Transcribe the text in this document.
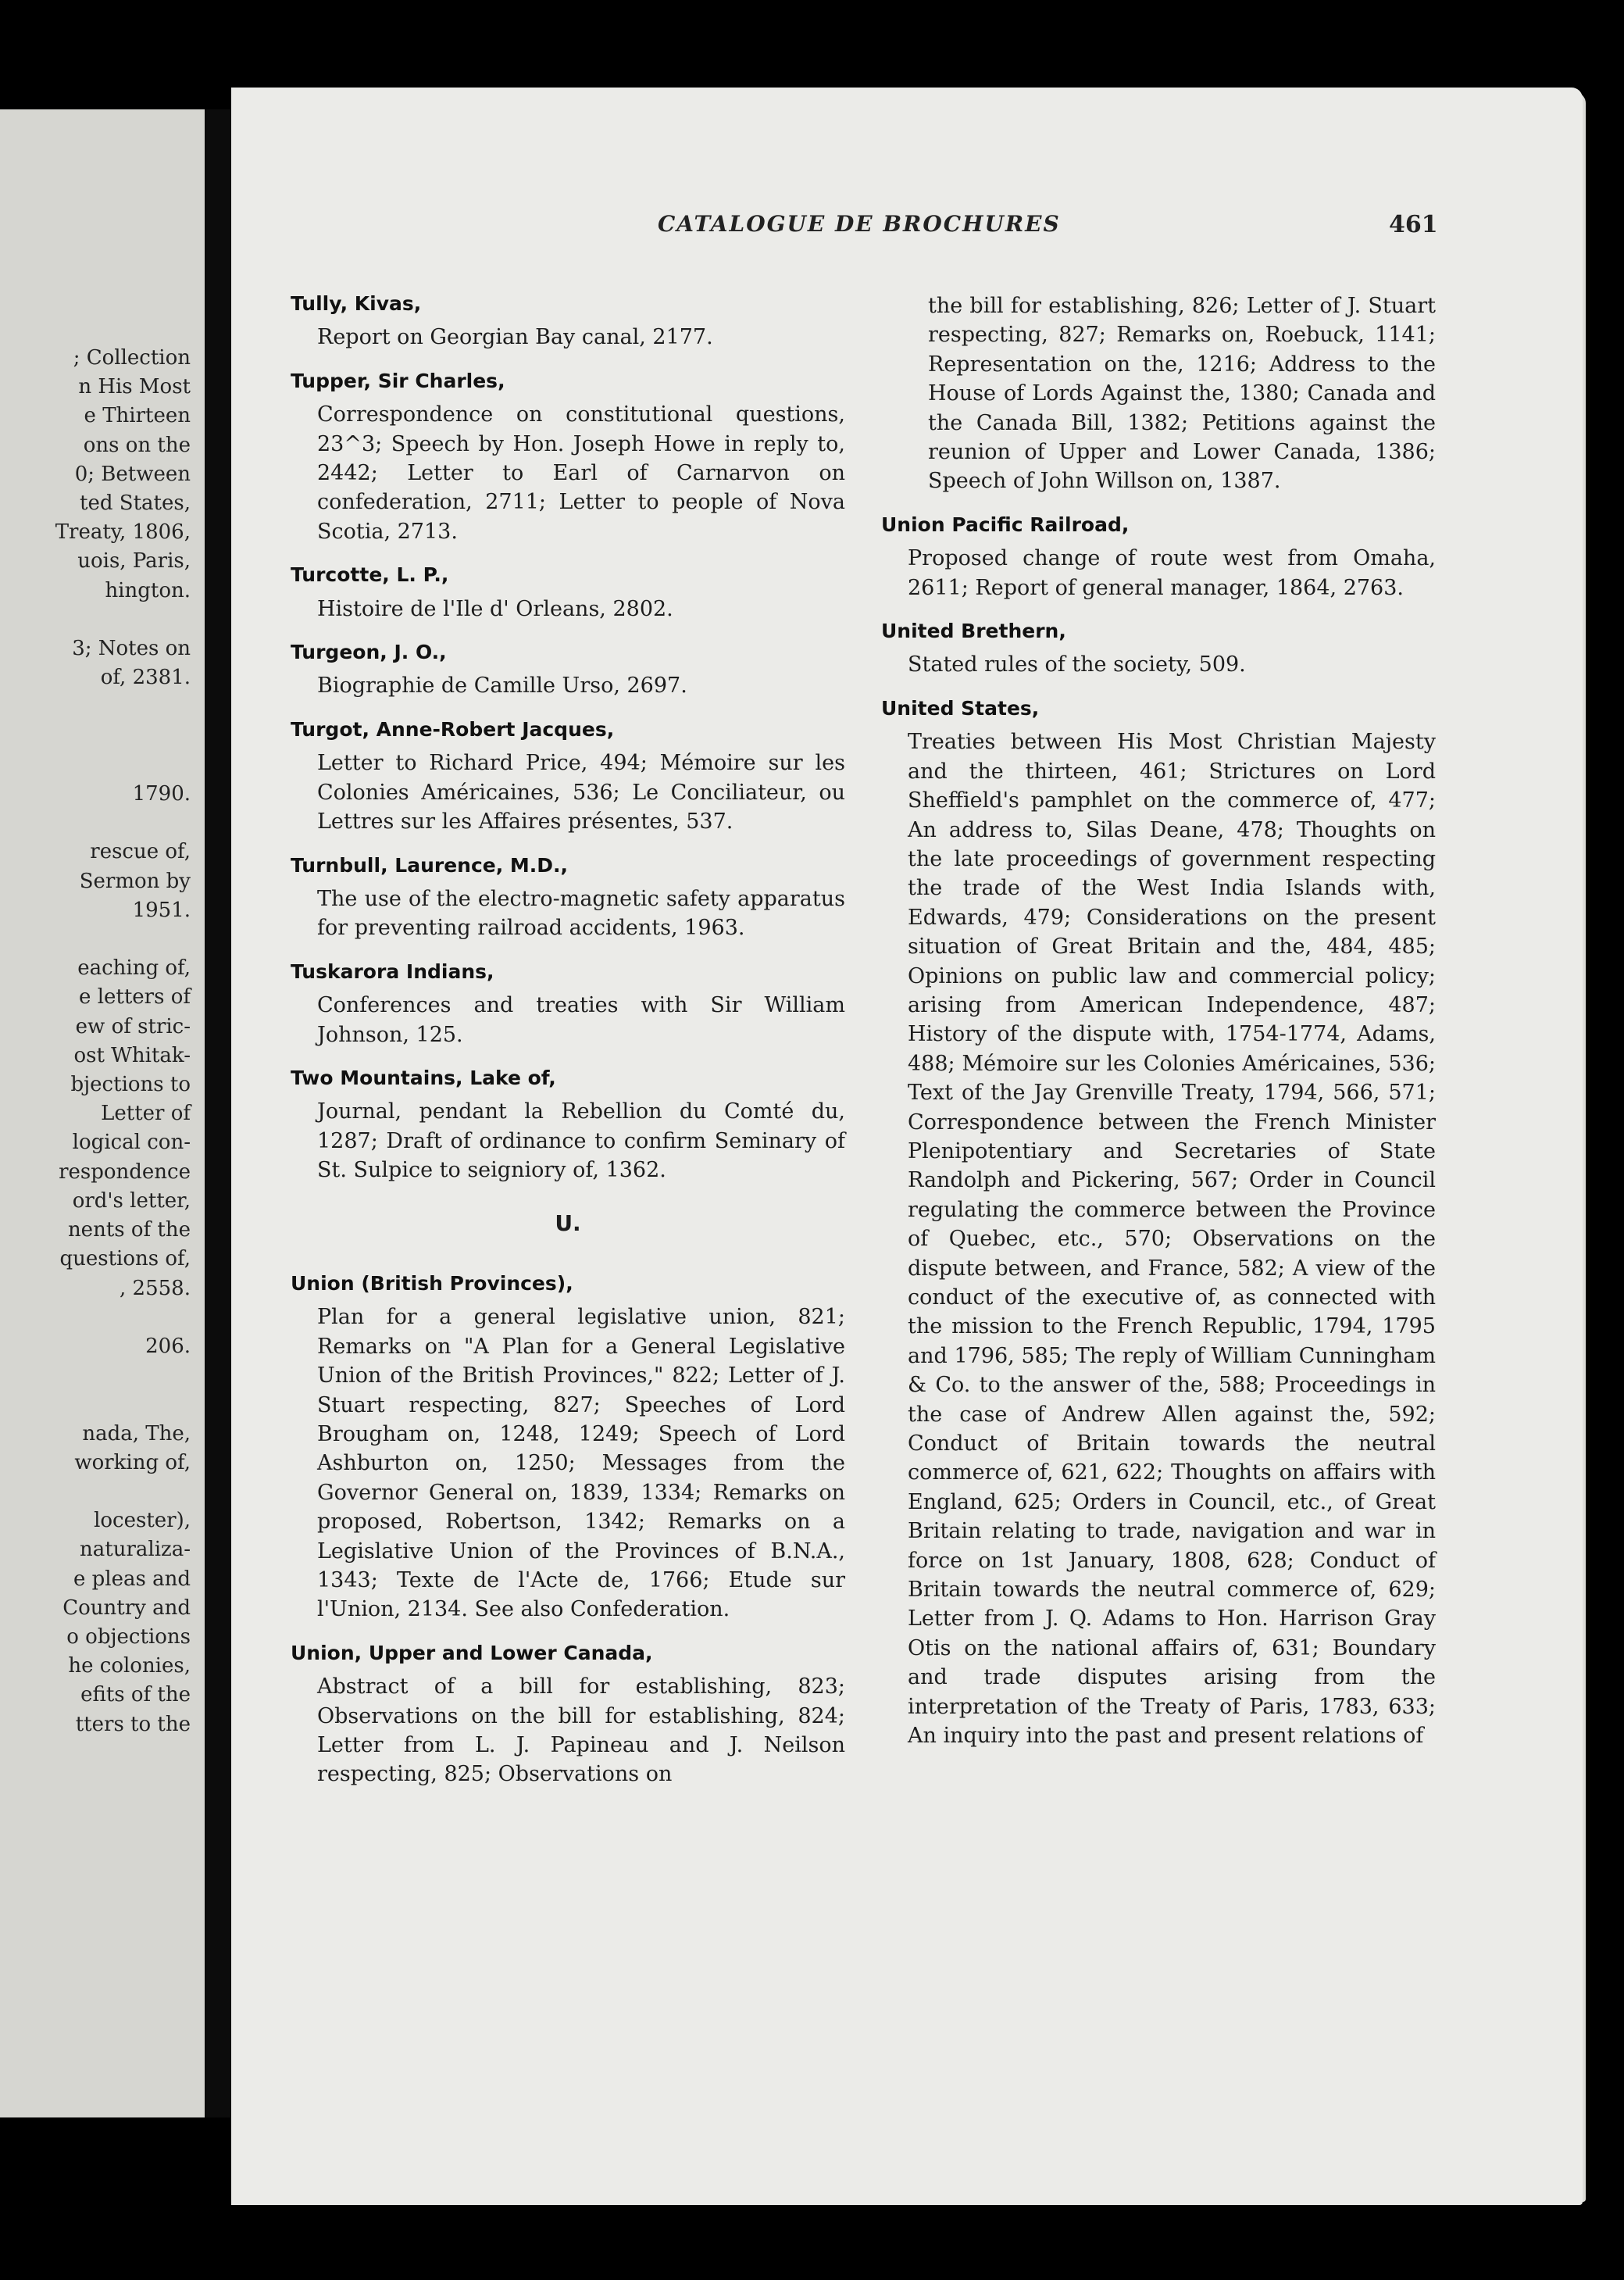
; Collection
n His Most
e Thirteen
ons on the
0; Between
ted States,
Treaty, 1806,
uois, Paris,
hington.

3; Notes on
of, 2381.

1790.

rescue of,
Sermon by
1951.

eaching of,
e letters of
ew of stric-
ost Whitak-
bjections to
Letter of
logical con-
respondence
ord's letter,
nents of the
questions of,
, 2558.

206.

nada, The,
working of,

locester),
naturaliza-
e pleas and
Country and
o objections
he colonies,
efits of the
tters to the
CATALOGUE DE BROCHURES	461
Tully, Kivas,
Report on Georgian Bay canal, 2177.
Tupper, Sir Charles,
Correspondence on constitutional questions, 23^3; Speech by Hon. Joseph Howe in reply to, 2442; Letter to Earl of Carnarvon on confederation, 2711; Letter to people of Nova Scotia, 2713.
Turcotte, L. P.,
Histoire de l'Ile d' Orleans, 2802.
Turgeon, J. O.,
Biographie de Camille Urso, 2697.
Turgot, Anne-Robert Jacques,
Letter to Richard Price, 494; Mémoire sur les Colonies Américaines, 536; Le Conciliateur, ou Lettres sur les Affaires présentes, 537.
Turnbull, Laurence, M.D.,
The use of the electro-magnetic safety apparatus for preventing railroad accidents, 1963.
Tuskarora Indians,
Conferences and treaties with Sir William Johnson, 125.
Two Mountains, Lake of,
Journal, pendant la Rebellion du Comté du, 1287; Draft of ordinance to confirm Seminary of St. Sulpice to seigniory of, 1362.
U.
Union (British Provinces),
Plan for a general legislative union, 821; Remarks on "A Plan for a General Legislative Union of the British Provinces," 822; Letter of J. Stuart respecting, 827; Speeches of Lord Brougham on, 1248, 1249; Speech of Lord Ashburton on, 1250; Messages from the Governor General on, 1839, 1334; Remarks on proposed, Robertson, 1342; Remarks on a Legislative Union of the Provinces of B.N.A., 1343; Texte de l'Acte de, 1766; Etude sur l'Union, 2134. See also Confederation.
Union, Upper and Lower Canada,
Abstract of a bill for establishing, 823; Observations on the bill for establishing, 824; Letter from L. J. Papineau and J. Neilson respecting, 825; Observations on
the bill for establishing, 826; Letter of J. Stuart respecting, 827; Remarks on, Roebuck, 1141; Representation on the, 1216; Address to the House of Lords Against the, 1380; Canada and the Canada Bill, 1382; Petitions against the reunion of Upper and Lower Canada, 1386; Speech of John Willson on, 1387.
Union Pacific Railroad,
Proposed change of route west from Omaha, 2611; Report of general manager, 1864, 2763.
United Brethern,
Stated rules of the society, 509.
United States,
Treaties between His Most Christian Majesty and the thirteen, 461; Strictures on Lord Sheffield's pamphlet on the commerce of, 477; An address to, Silas Deane, 478; Thoughts on the late proceedings of government respecting the trade of the West India Islands with, Edwards, 479; Considerations on the present situation of Great Britain and the, 484, 485; Opinions on public law and commercial policy; arising from American Independence, 487; History of the dispute with, 1754-1774, Adams, 488; Mémoire sur les Colonies Américaines, 536; Text of the Jay Grenville Treaty, 1794, 566, 571; Correspondence between the French Minister Plenipotentiary and Secretaries of State Randolph and Pickering, 567; Order in Council regulating the commerce between the Province of Quebec, etc., 570; Observations on the dispute between, and France, 582; A view of the conduct of the executive of, as connected with the mission to the French Republic, 1794, 1795 and 1796, 585; The reply of William Cunningham & Co. to the answer of the, 588; Proceedings in the case of Andrew Allen against the, 592; Conduct of Britain towards the neutral commerce of, 621, 622; Thoughts on affairs with England, 625; Orders in Council, etc., of Great Britain relating to trade, navigation and war in force on 1st January, 1808, 628; Conduct of Britain towards the neutral commerce of, 629; Letter from J. Q. Adams to Hon. Harrison Gray Otis on the national affairs of, 631; Boundary and trade disputes arising from the interpretation of the Treaty of Paris, 1783, 633; An inquiry into the past and present relations of
